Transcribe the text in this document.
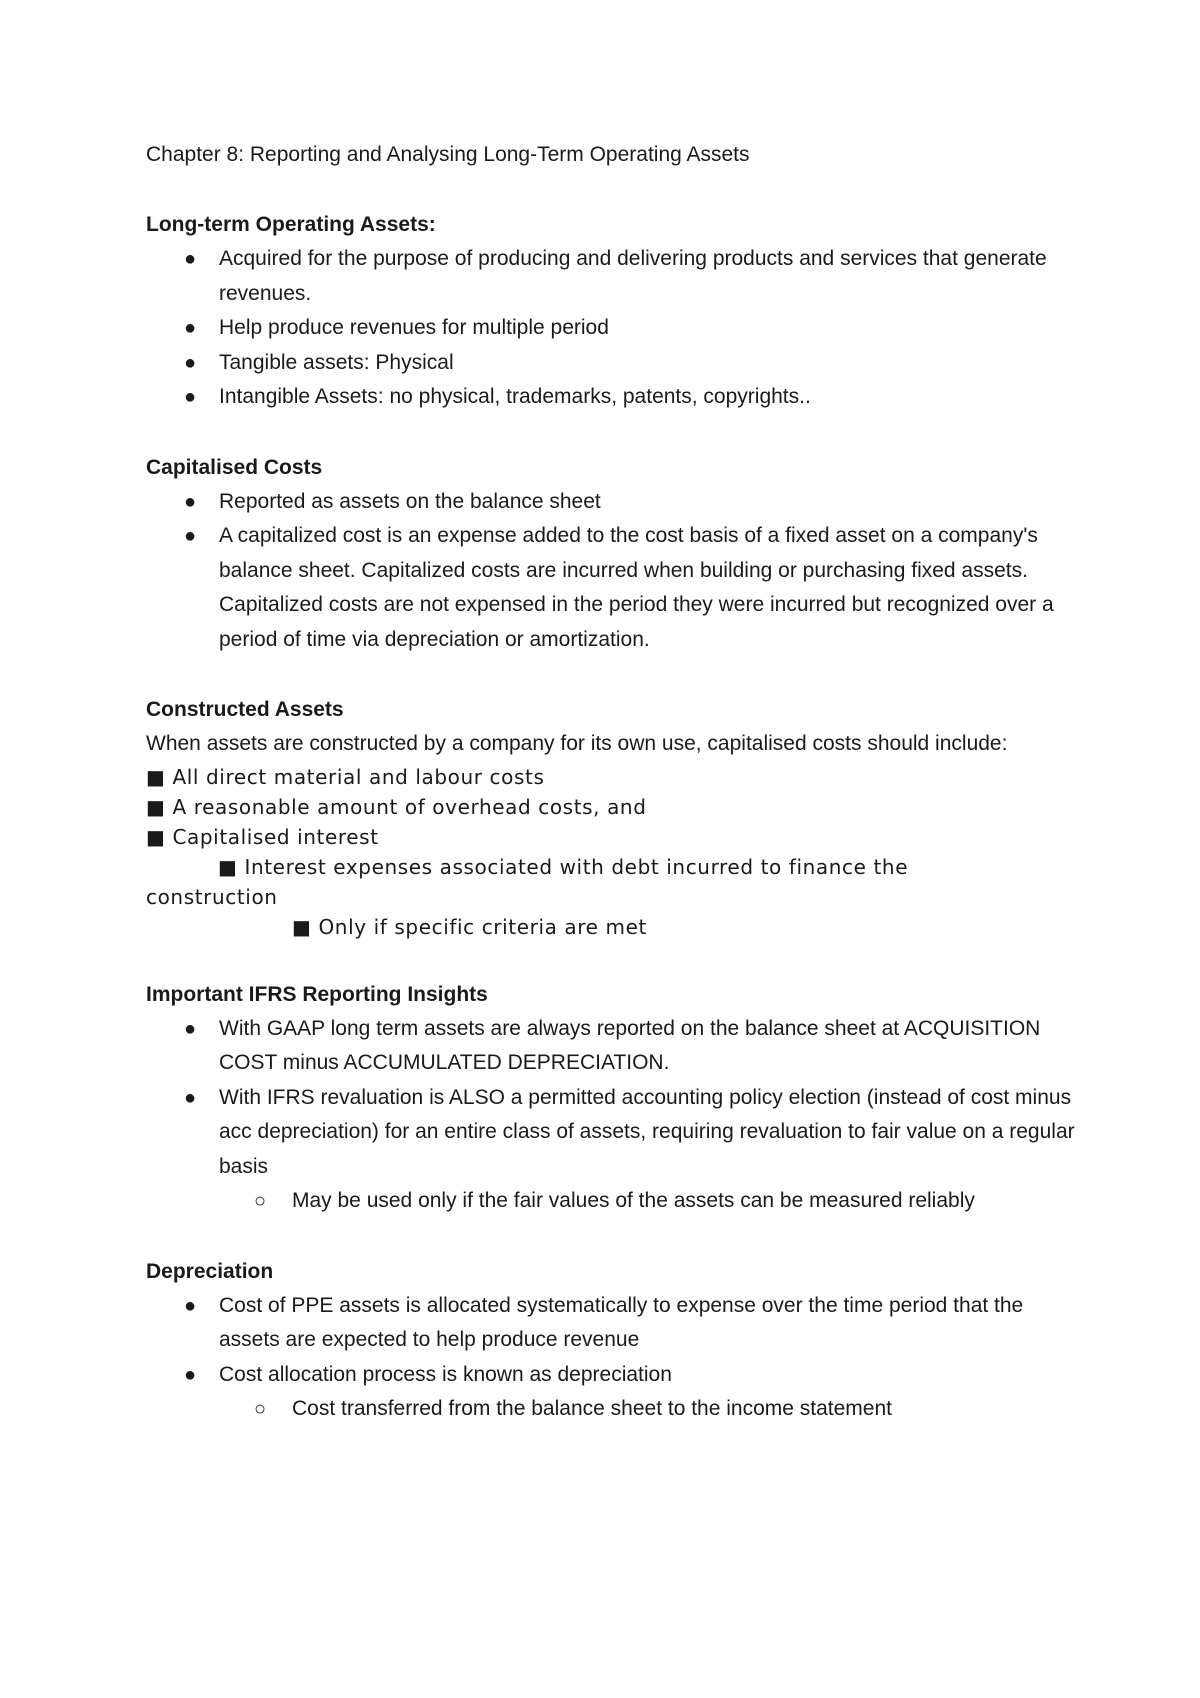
Chapter 8: Reporting and Analysing Long-Term Operating Assets

Long-term Operating Assets:

● Acquired for the purpose of producing and delivering products and services that generate revenues.
● Help produce revenues for multiple period
● Tangible assets: Physical
● Intangible Assets: no physical, trademarks, patents, copyrights..

Capitalised Costs

● Reported as assets on the balance sheet
● A capitalized cost is an expense added to the cost basis of a fixed asset on a company's balance sheet. Capitalized costs are incurred when building or purchasing fixed assets. Capitalized costs are not expensed in the period they were incurred but recognized over a period of time via depreciation or amortization.

Constructed Assets

When assets are constructed by a company for its own use, capitalised costs should include:

■ All direct material and labour costs

■ A reasonable amount of overhead costs, and

■ Capitalised interest

■ Interest expenses associated with debt incurred to finance the

construction

■ Only if specific criteria are met

Important IFRS Reporting Insights

● With GAAP long term assets are always reported on the balance sheet at ACQUISITION COST minus ACCUMULATED DEPRECIATION.
● With IFRS revaluation is ALSO a permitted accounting policy election (instead of cost minus acc depreciation) for an entire class of assets, requiring revaluation to fair value on a regular basis
○ May be used only if the fair values of the assets can be measured reliably

Depreciation

● Cost of PPE assets is allocated systematically to expense over the time period that the assets are expected to help produce revenue
● Cost allocation process is known as depreciation
○ Cost transferred from the balance sheet to the income statement
